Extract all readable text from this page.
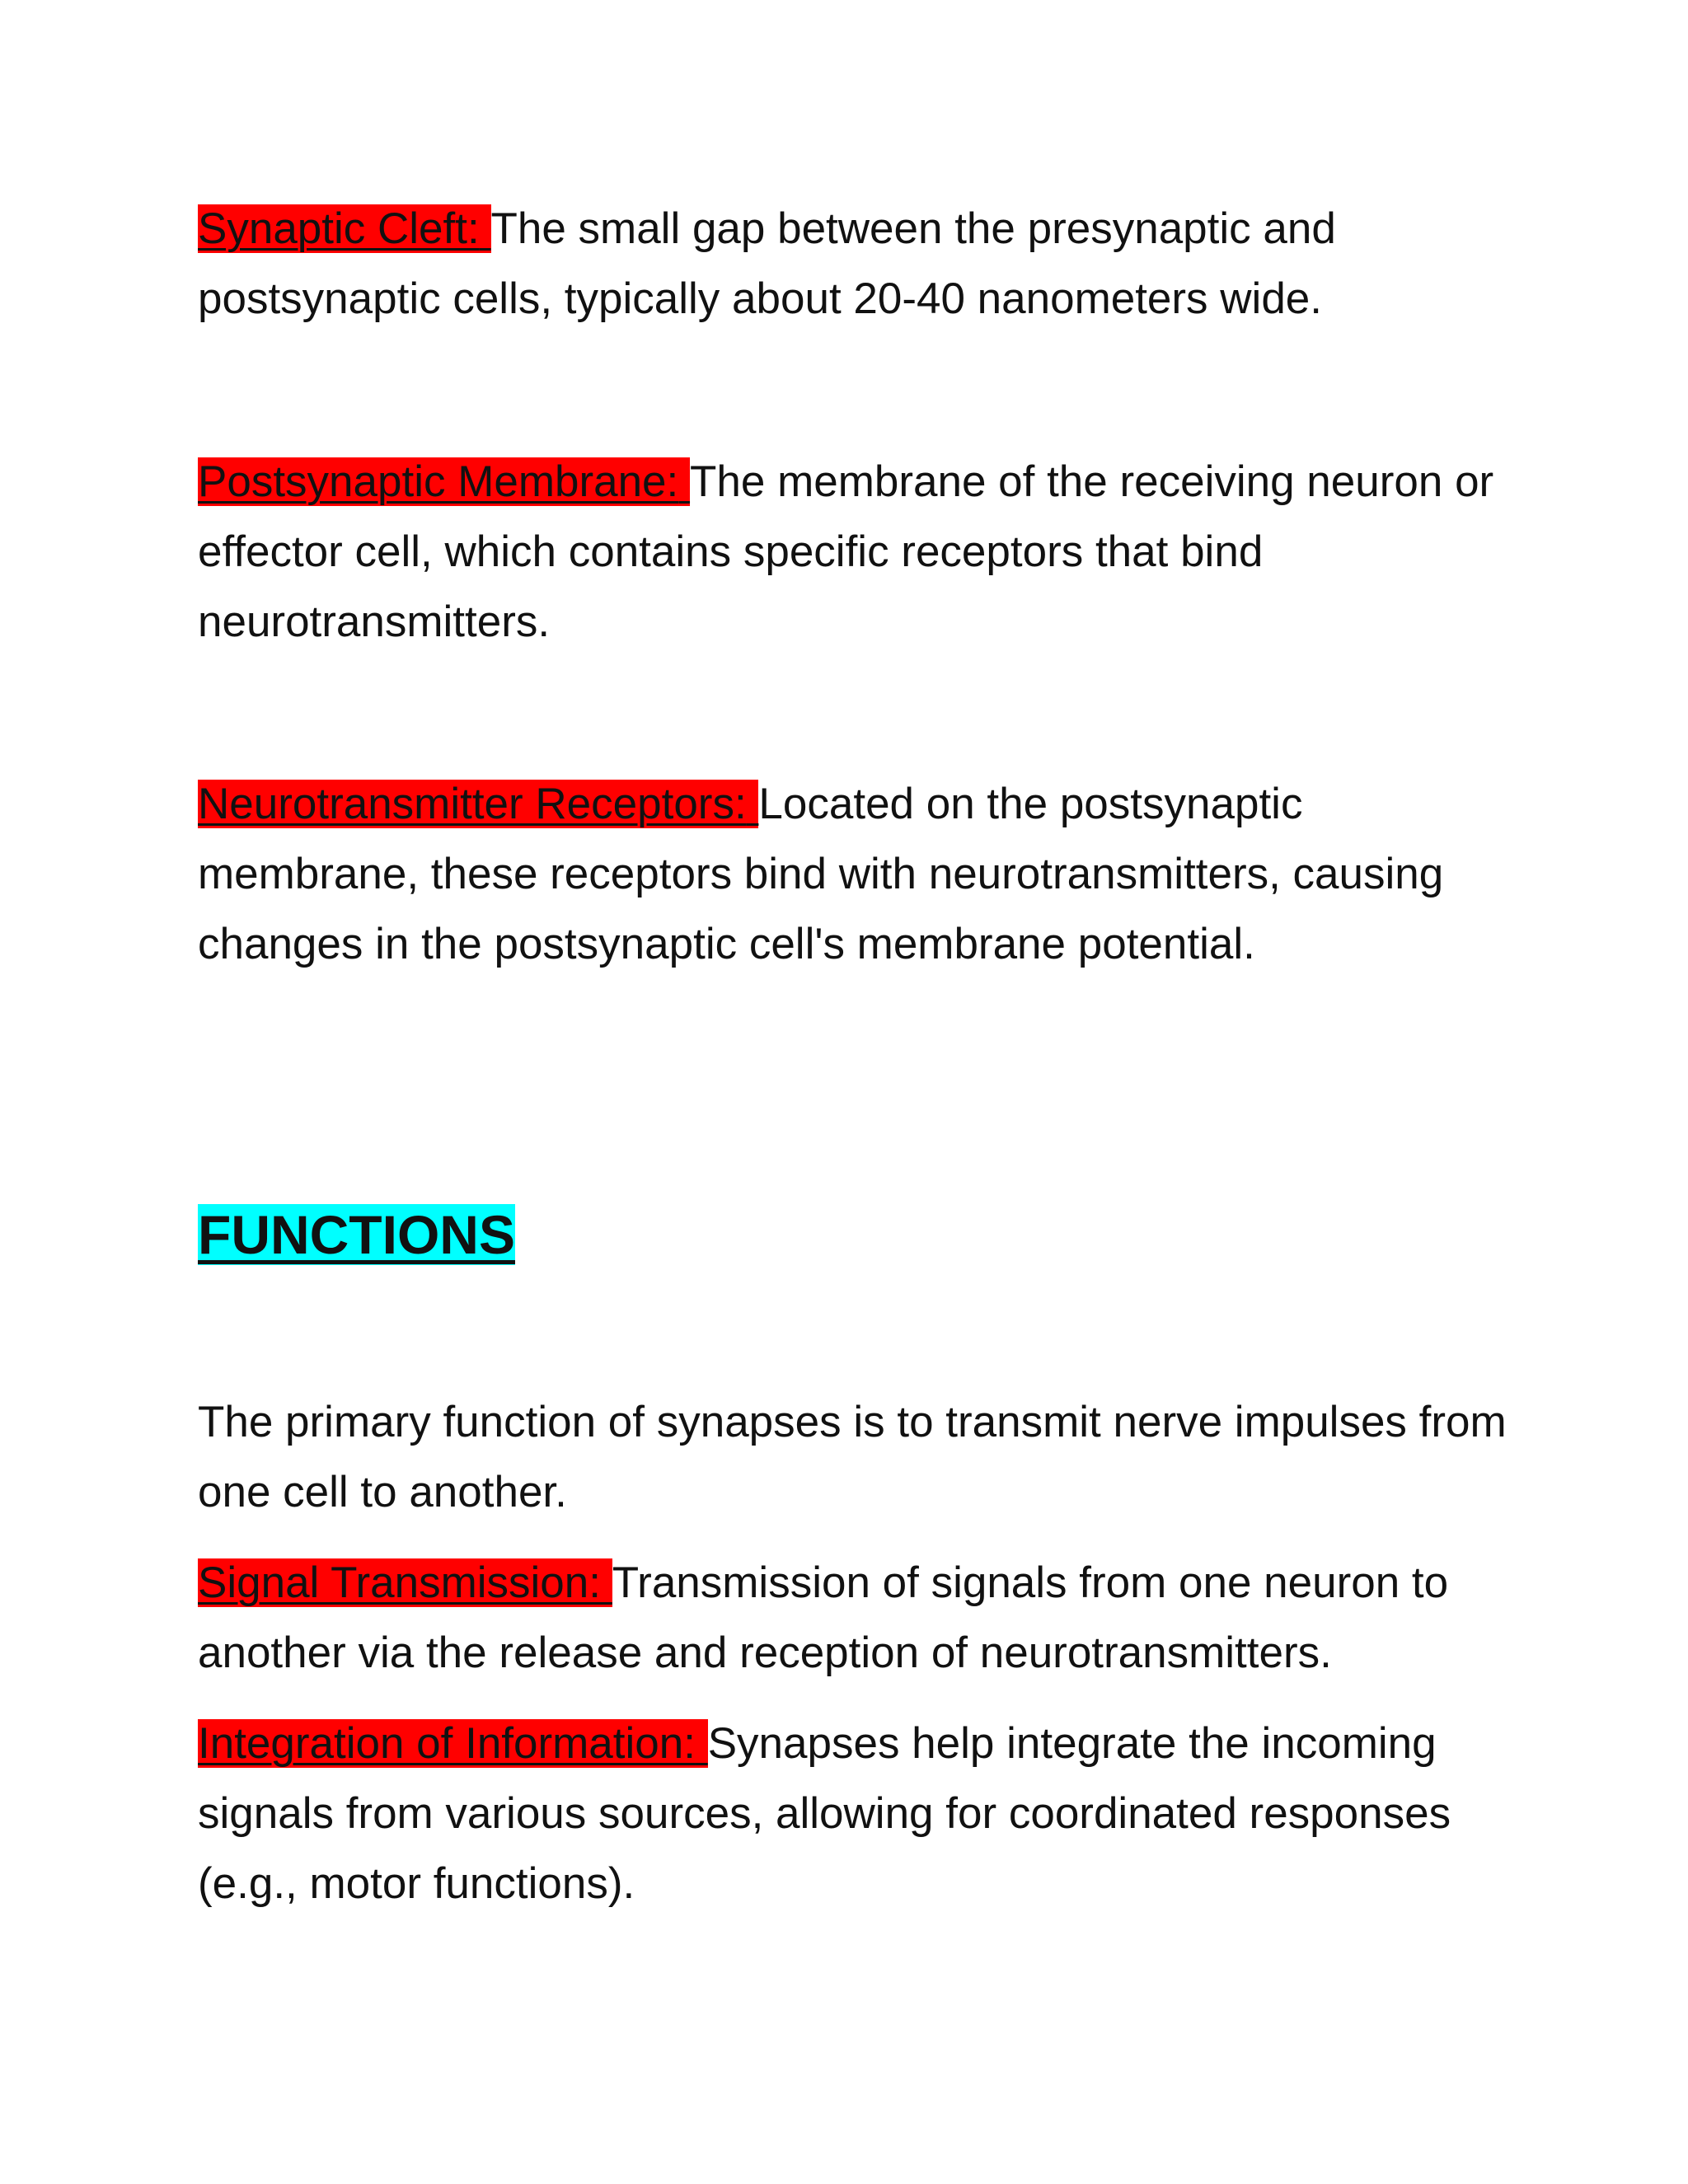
Synaptic Cleft: The small gap between the presynaptic and postsynaptic cells, typically about 20-40 nanometers wide.

Postsynaptic Membrane: The membrane of the receiving neuron or effector cell, which contains specific receptors that bind neurotransmitters.

Neurotransmitter Receptors: Located on the postsynaptic membrane, these receptors bind with neurotransmitters, causing changes in the postsynaptic cell's membrane potential.

FUNCTIONS

The primary function of synapses is to transmit nerve impulses from one cell to another.

Signal Transmission: Transmission of signals from one neuron to another via the release and reception of neurotransmitters.

Integration of Information: Synapses help integrate the incoming signals from various sources, allowing for coordinated responses (e.g., motor functions).
